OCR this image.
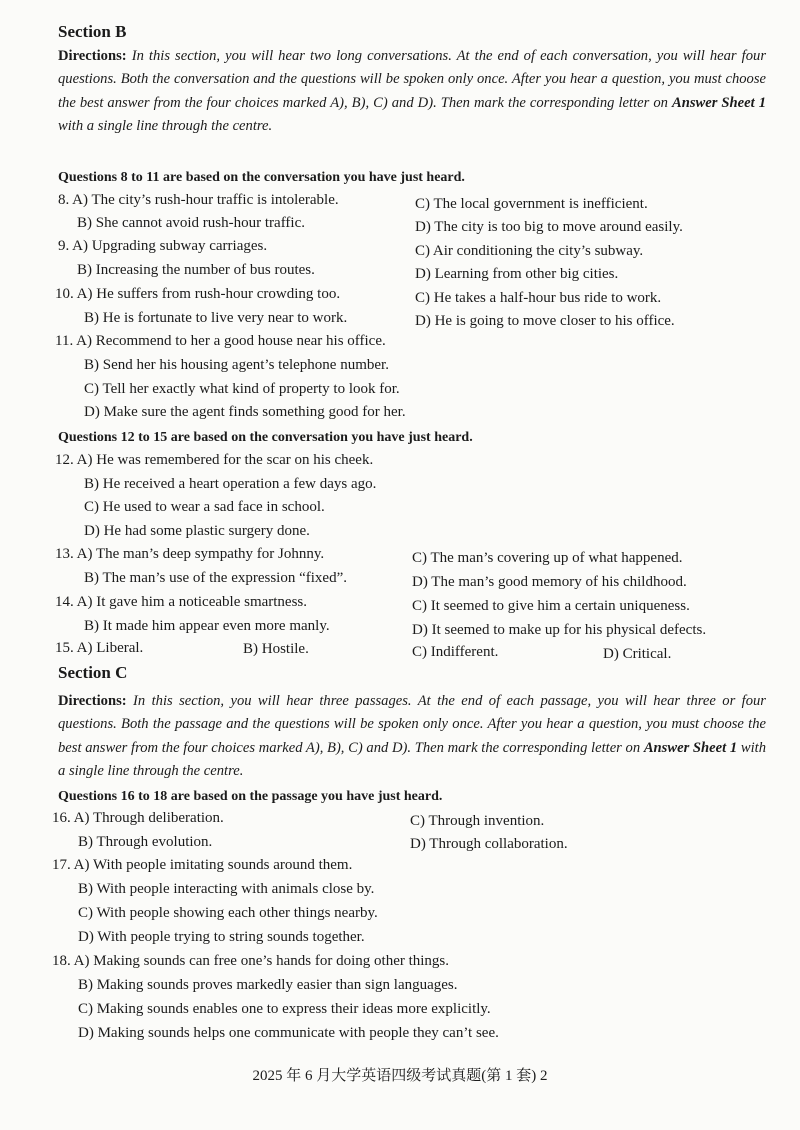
Section B
Directions: In this section, you will hear two long conversations. At the end of each conversation, you will hear four questions. Both the conversation and the questions will be spoken only once. After you hear a question, you must choose the best answer from the four choices marked A), B), C) and D). Then mark the corresponding letter on Answer Sheet 1 with a single line through the centre.
Questions 8 to 11 are based on the conversation you have just heard.
8. A) The city’s rush-hour traffic is intolerable.	C) The local government is inefficient.
B) She cannot avoid rush-hour traffic.	D) The city is too big to move around easily.
9. A) Upgrading subway carriages.	C) Air conditioning the city’s subway.
B) Increasing the number of bus routes.	D) Learning from other big cities.
10. A) He suffers from rush-hour crowding too.	C) He takes a half-hour bus ride to work.
B) He is fortunate to live very near to work.	D) He is going to move closer to his office.
11. A) Recommend to her a good house near his office.
B) Send her his housing agent’s telephone number.
C) Tell her exactly what kind of property to look for.
D) Make sure the agent finds something good for her.
Questions 12 to 15 are based on the conversation you have just heard.
12. A) He was remembered for the scar on his cheek.
B) He received a heart operation a few days ago.
C) He used to wear a sad face in school.
D) He had some plastic surgery done.
13. A) The man’s deep sympathy for Johnny.	C) The man’s covering up of what happened.
B) The man’s use of the expression “fixed”.	D) The man’s good memory of his childhood.
14. A) It gave him a noticeable smartness.	C) It seemed to give him a certain uniqueness.
B) It made him appear even more manly.	D) It seemed to make up for his physical defects.
15. A) Liberal.	B) Hostile.	C) Indifferent.	D) Critical.
Section C
Directions: In this section, you will hear three passages. At the end of each passage, you will hear three or four questions. Both the passage and the questions will be spoken only once. After you hear a question, you must choose the best answer from the four choices marked A), B), C) and D). Then mark the corresponding letter on Answer Sheet 1 with a single line through the centre.
Questions 16 to 18 are based on the passage you have just heard.
16. A) Through deliberation.	C) Through invention.
B) Through evolution.	D) Through collaboration.
17. A) With people imitating sounds around them.
B) With people interacting with animals close by.
C) With people showing each other things nearby.
D) With people trying to string sounds together.
18. A) Making sounds can free one’s hands for doing other things.
B) Making sounds proves markedly easier than sign languages.
C) Making sounds enables one to express their ideas more explicitly.
D) Making sounds helps one communicate with people they can’t see.
2025 年 6 月大学英语四级考试真题(第 1 套) 2
